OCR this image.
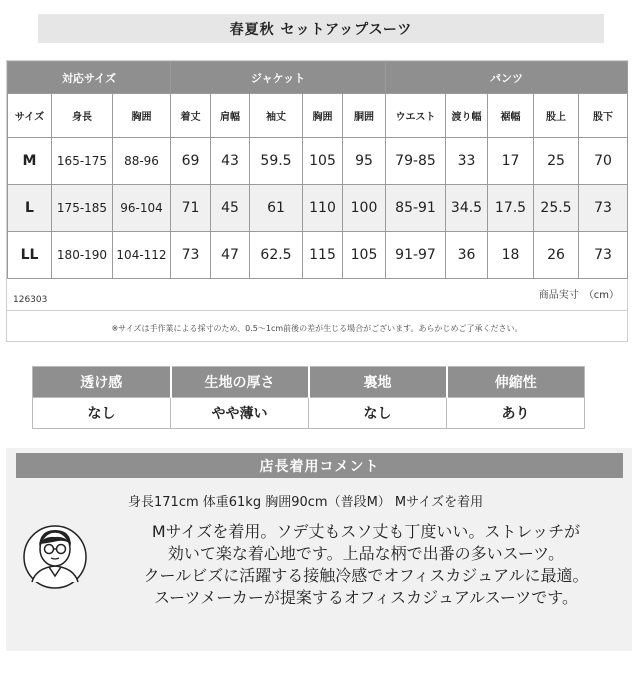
春夏秋 セットアップスーツ
対応サイズ			ジャケット					パンツ				
サイズ	身長	胸囲	着丈	肩幅	袖丈	胸囲	胴囲	ウエスト	渡り幅	裾幅	股上	股下
M	165-175	88-96	69	43	59.5	105	95	79-85	33	17	25	70
L	175-185	96-104	71	45	61	110	100	85-91	34.5	17.5	25.5	73
LL	180-190	104-112	73	47	62.5	115	105	91-97	36	18	26	73
商品実寸　（cm）
126303
※サイズは手作業による採寸のため、0.5〜1cm前後の差が生じる場合がございます。あらかじめご了承ください。
透け感	生地の厚さ	裏地	伸縮性
なし	やや薄い	なし	あり
店長着用コメント
身長171cm 体重61kg 胸囲90cm（普段M） Mサイズを着用
Mサイズを着用。ソデ丈もスソ丈も丁度いい。ストレッチが
効いて楽な着心地です。上品な柄で出番の多いスーツ。
クールビズに活躍する接触冷感でオフィスカジュアルに最適。
スーツメーカーが提案するオフィスカジュアルスーツです。
